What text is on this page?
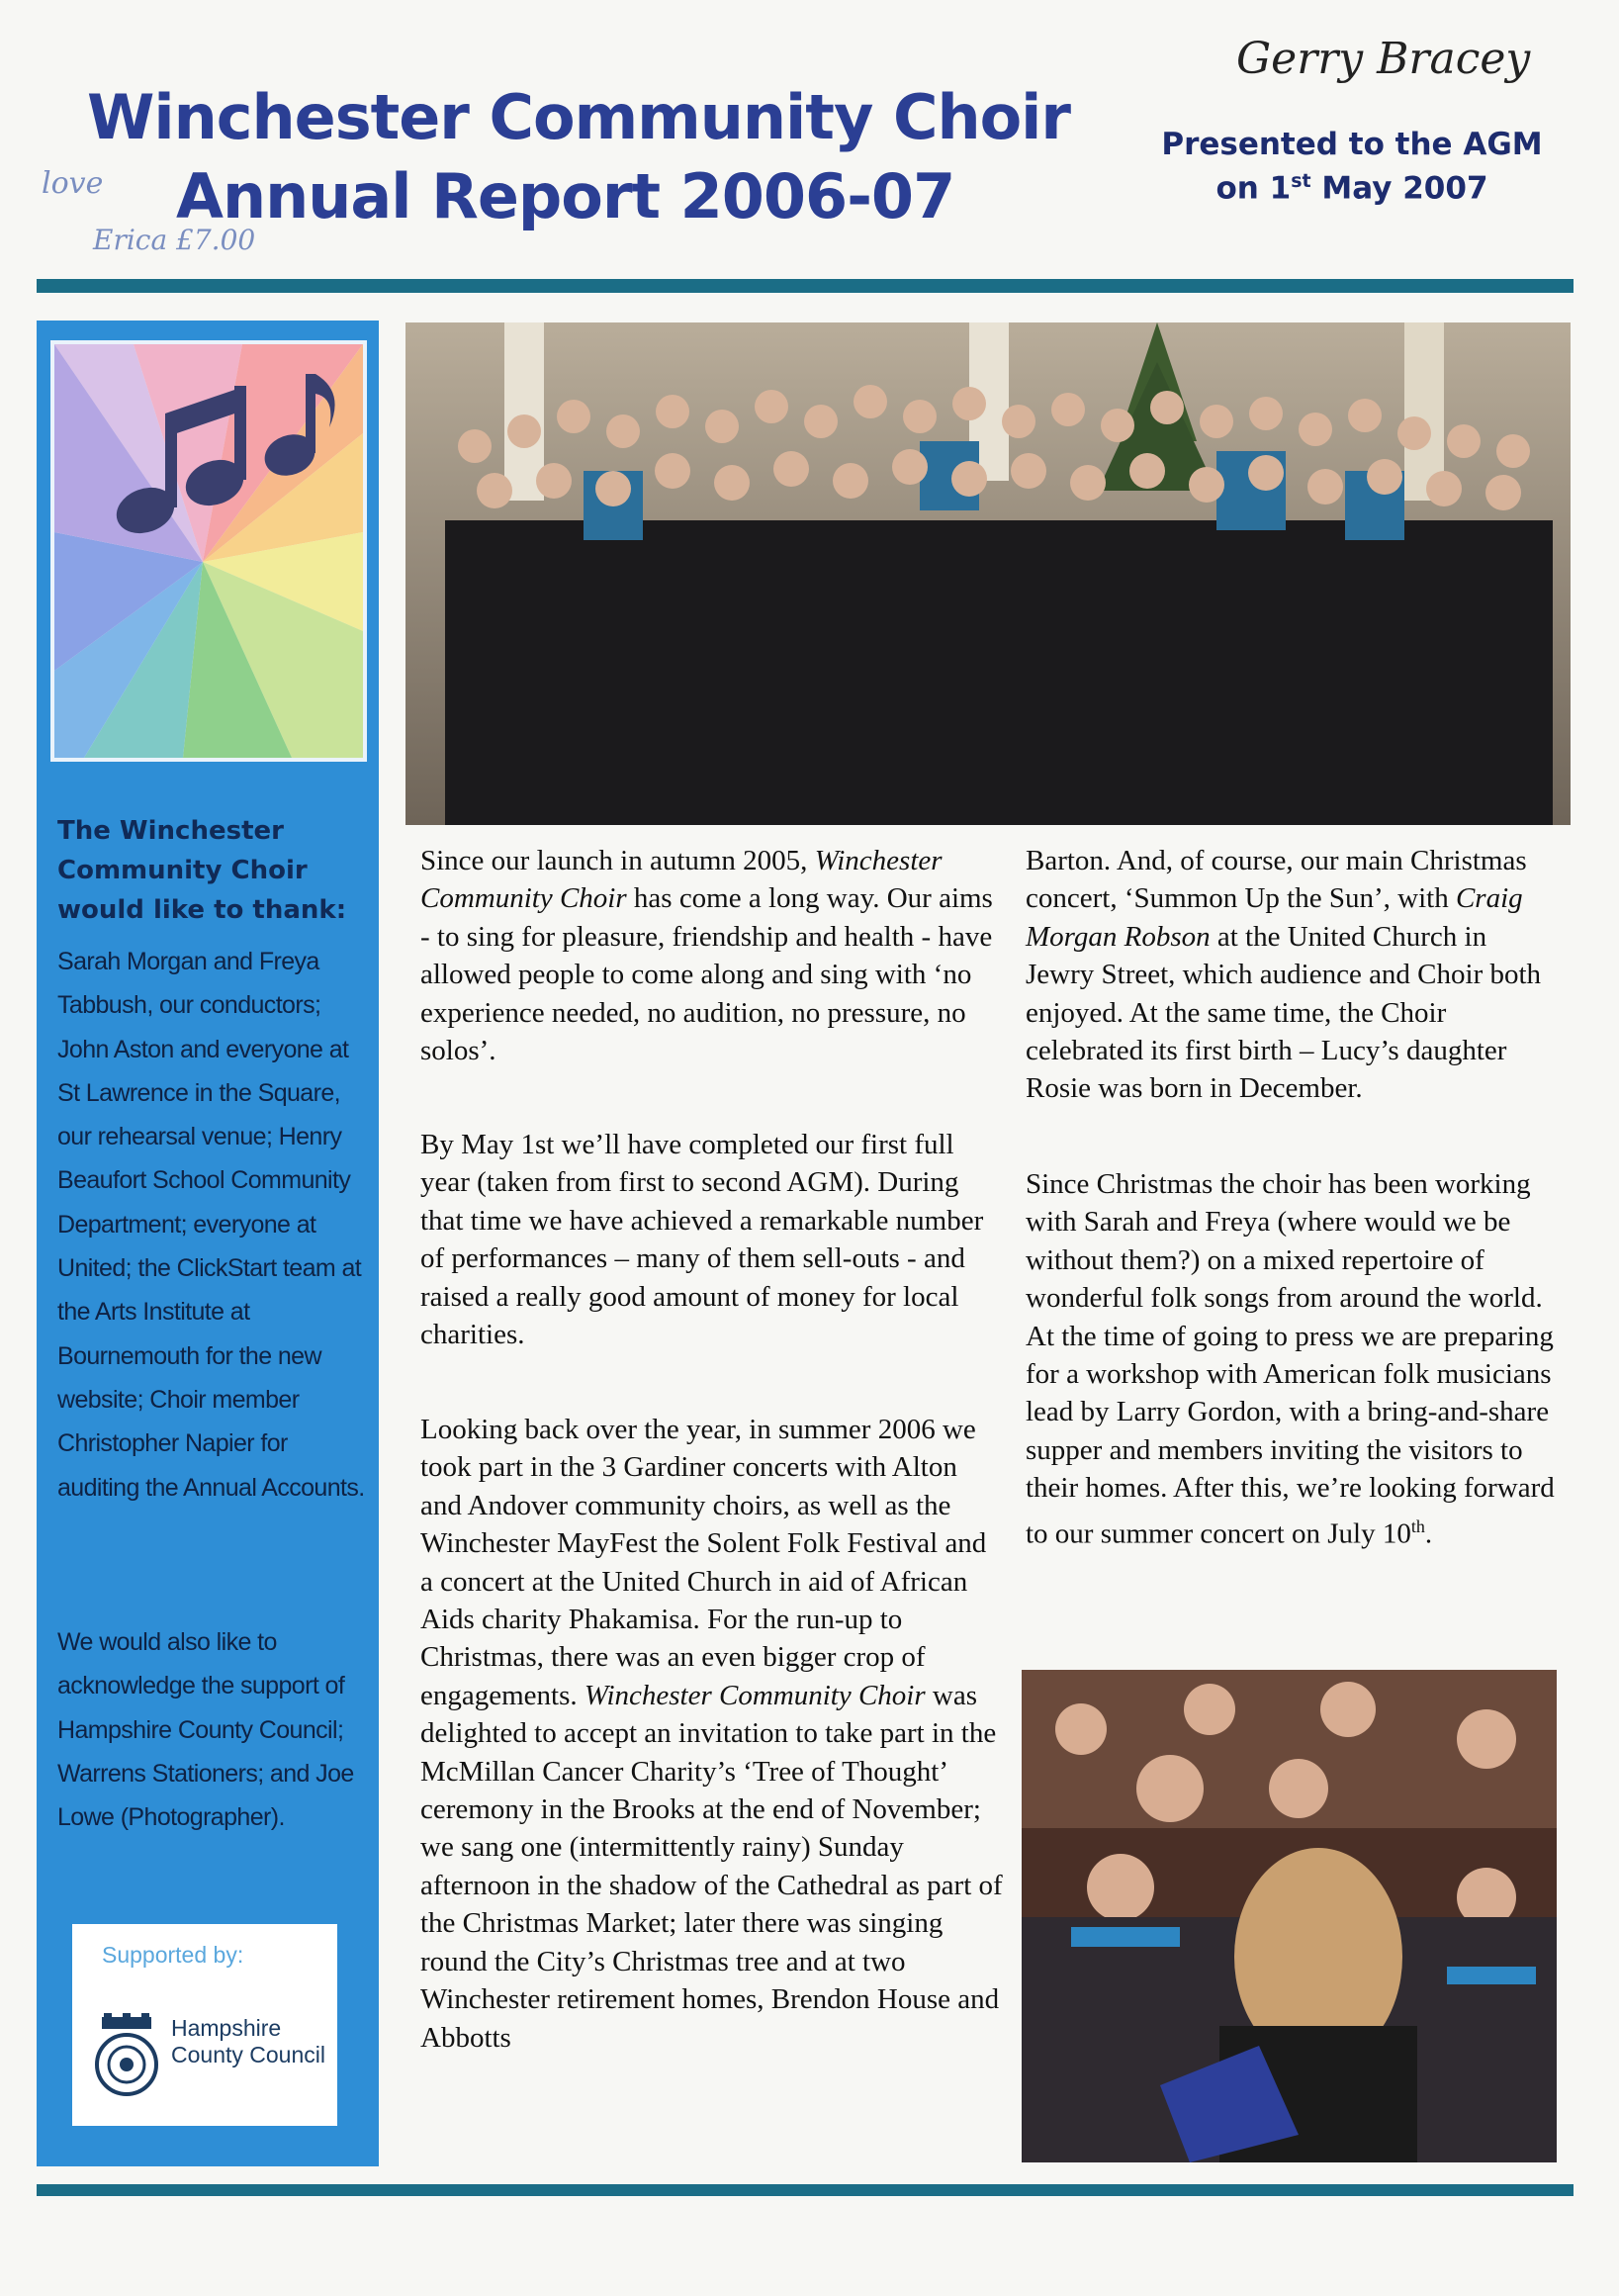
Winchester Community Choir
Annual Report 2006-07
Presented to the AGM
on 1st May 2007
Gerry Bracey
love
Erica £7.00
The Winchester Community Choir would like to thank:
Sarah Morgan and Freya Tabbush, our conductors; John Aston and everyone at St Lawrence in the Square, our rehearsal venue; Henry Beaufort School Community Department; everyone at United; the ClickStart team at the Arts Institute at Bournemouth for the new website; Choir member Christopher Napier for auditing the Annual Accounts.
We would also like to acknowledge the support of Hampshire County Council; Warrens Stationers; and Joe Lowe (Photographer).
Supported by:
Hampshire County Council

Since our launch in autumn 2005, Winchester Community Choir has come a long way. Our aims - to sing for pleasure, friendship and health - have allowed people to come along and sing with ‘no experience needed, no audition, no pressure, no solos’.

By May 1st we’ll have completed our first full year (taken from first to second AGM). During that time we have achieved a remarkable number of performances – many of them sell-outs - and raised a really good amount of money for local charities.

Looking back over the year, in summer 2006 we took part in the 3 Gardiner concerts with Alton and Andover community choirs, as well as the Winchester MayFest the Solent Folk Festival and a concert at the United Church in aid of African Aids charity Phakamisa. For the run-up to Christmas, there was an even bigger crop of engagements. Winchester Community Choir was delighted to accept an invitation to take part in the McMillan Cancer Charity’s ‘Tree of Thought’ ceremony in the Brooks at the end of November; we sang one (intermittently rainy) Sunday afternoon in the shadow of the Cathedral as part of the Christmas Market; later there was singing round the City’s Christmas tree and at two Winchester retirement homes, Brendon House and Abbotts

Barton. And, of course, our main Christmas concert, ‘Summon Up the Sun’, with Craig Morgan Robson at the United Church in Jewry Street, which audience and Choir both enjoyed. At the same time, the Choir celebrated its first birth – Lucy’s daughter Rosie was born in December.

Since Christmas the choir has been working with Sarah and Freya (where would we be without them?) on a mixed repertoire of wonderful folk songs from around the world. At the time of going to press we are preparing for a workshop with American folk musicians lead by Larry Gordon, with a bring-and-share supper and members inviting the visitors to their homes. After this, we’re looking forward to our summer concert on July 10th.
